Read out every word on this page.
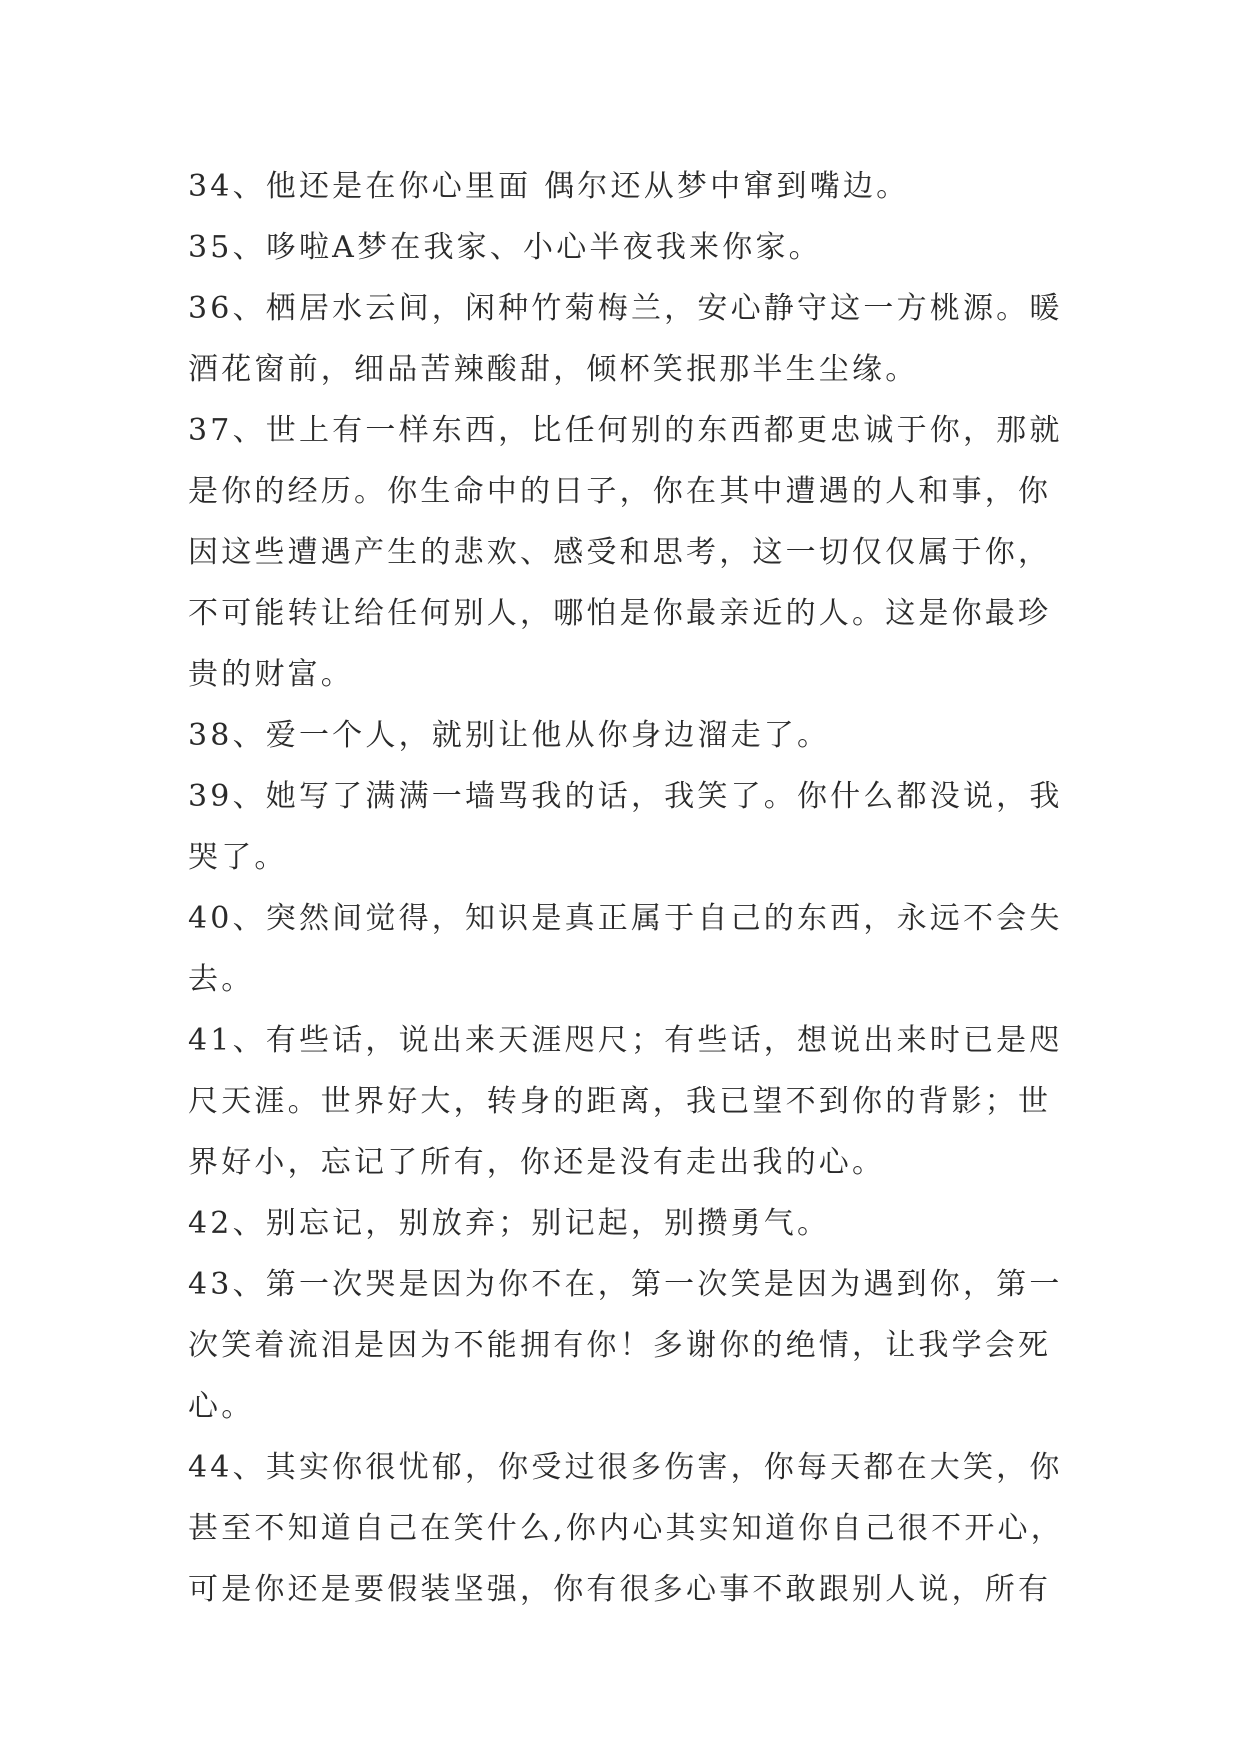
34、他还是在你心里面 偶尔还从梦中窜到嘴边。
35、哆啦A梦在我家、小心半夜我来你家。
36、栖居水云间，闲种竹菊梅兰，安心静守这一方桃源。暖
酒花窗前，细品苦辣酸甜，倾杯笑抿那半生尘缘。
37、世上有一样东西，比任何别的东西都更忠诚于你，那就
是你的经历。你生命中的日子，你在其中遭遇的人和事，你
因这些遭遇产生的悲欢、感受和思考，这一切仅仅属于你，
不可能转让给任何别人，哪怕是你最亲近的人。这是你最珍
贵的财富。
38、爱一个人，就别让他从你身边溜走了。
39、她写了满满一墙骂我的话，我笑了。你什么都没说，我
哭了。
40、突然间觉得，知识是真正属于自己的东西，永远不会失
去。
41、有些话，说出来天涯咫尺；有些话，想说出来时已是咫
尺天涯。世界好大，转身的距离，我已望不到你的背影；世
界好小，忘记了所有，你还是没有走出我的心。
42、别忘记，别放弃；别记起，别攒勇气。
43、第一次哭是因为你不在，第一次笑是因为遇到你，第一
次笑着流泪是因为不能拥有你！多谢你的绝情，让我学会死
心。
44、其实你很忧郁，你受过很多伤害，你每天都在大笑，你
甚至不知道自己在笑什么,你内心其实知道你自己很不开心，
可是你还是要假装坚强，你有很多心事不敢跟别人说，所有
